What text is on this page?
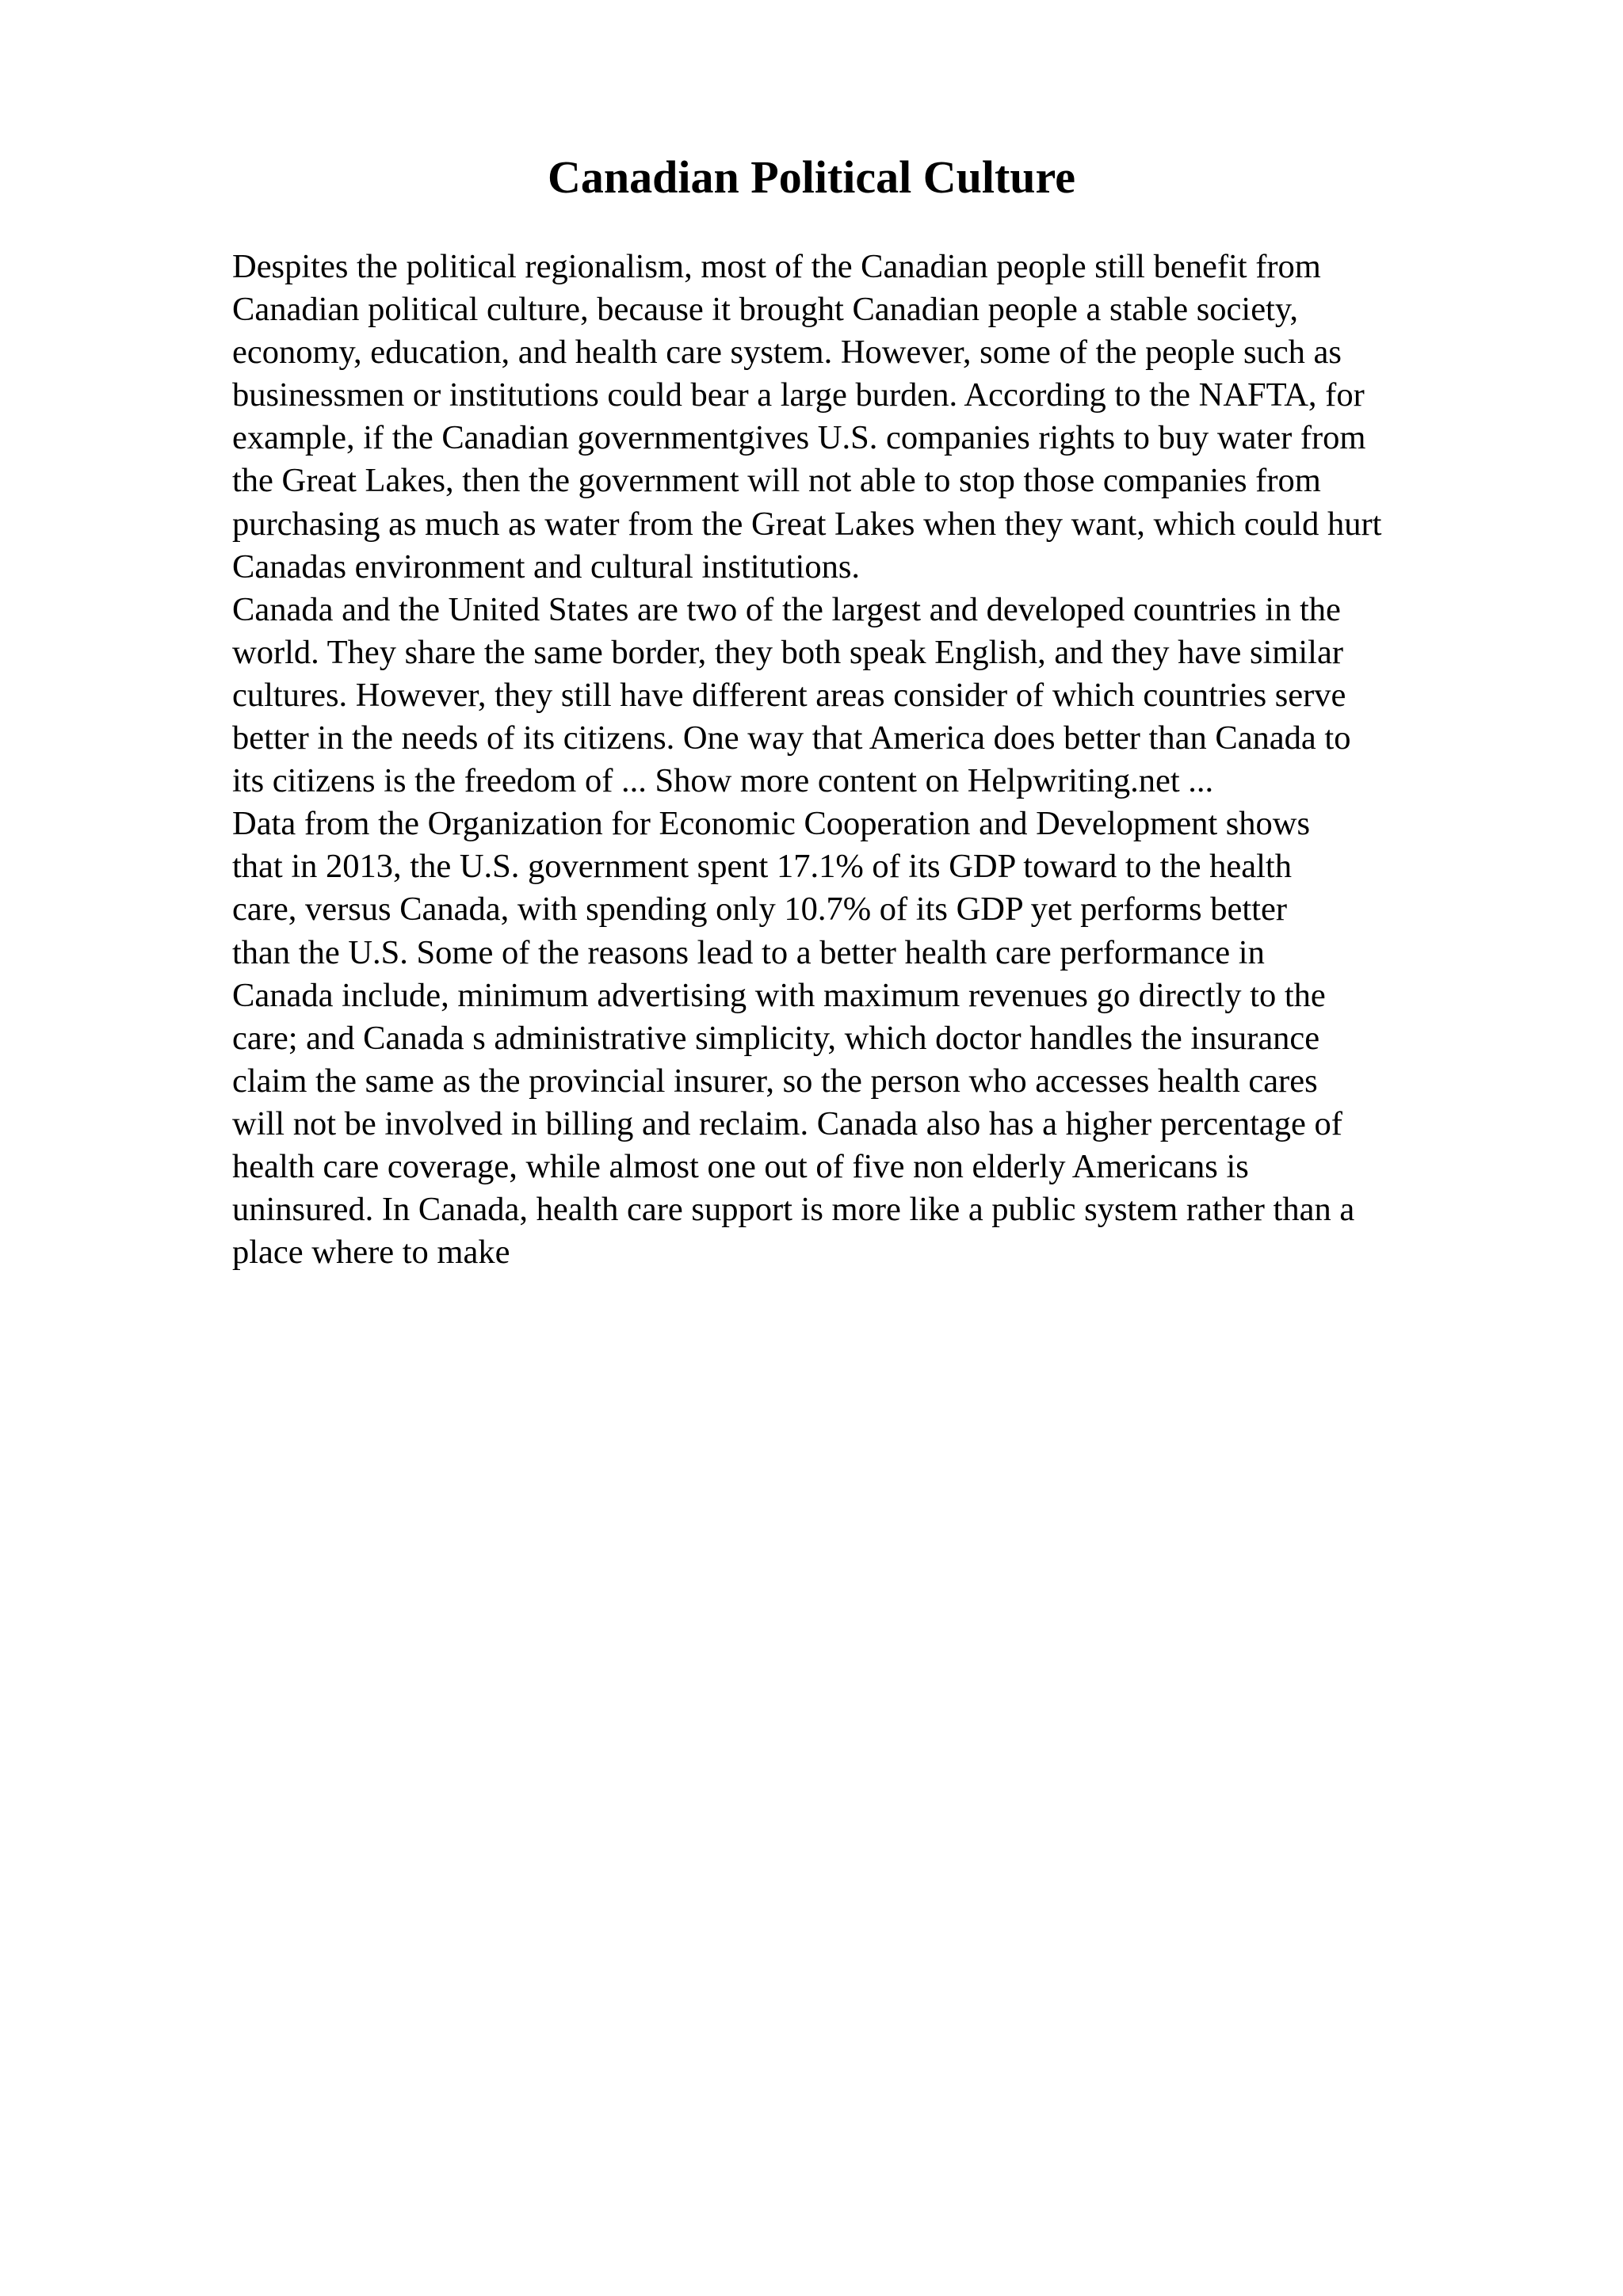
Canadian Political Culture
Despites the political regionalism, most of the Canadian people still benefit from
Canadian political culture, because it brought Canadian people a stable society,
economy, education, and health care system. However, some of the people such as
businessmen or institutions could bear a large burden. According to the NAFTA, for
example, if the Canadian governmentgives U.S. companies rights to buy water from
the Great Lakes, then the government will not able to stop those companies from
purchasing as much as water from the Great Lakes when they want, which could hurt
Canadas environment and cultural institutions.
Canada and the United States are two of the largest and developed countries in the
world. They share the same border, they both speak English, and they have similar
cultures. However, they still have different areas consider of which countries serve
better in the needs of its citizens. One way that America does better than Canada to
its citizens is the freedom of ... Show more content on Helpwriting.net ...
Data from the Organization for Economic Cooperation and Development shows
that in 2013, the U.S. government spent 17.1% of its GDP toward to the health
care, versus Canada, with spending only 10.7% of its GDP yet performs better
than the U.S. Some of the reasons lead to a better health care performance in
Canada include, minimum advertising with maximum revenues go directly to the
care; and Canada s administrative simplicity, which doctor handles the insurance
claim the same as the provincial insurer, so the person who accesses health cares
will not be involved in billing and reclaim. Canada also has a higher percentage of
health care coverage, while almost one out of five non elderly Americans is
uninsured. In Canada, health care support is more like a public system rather than a
place where to make
